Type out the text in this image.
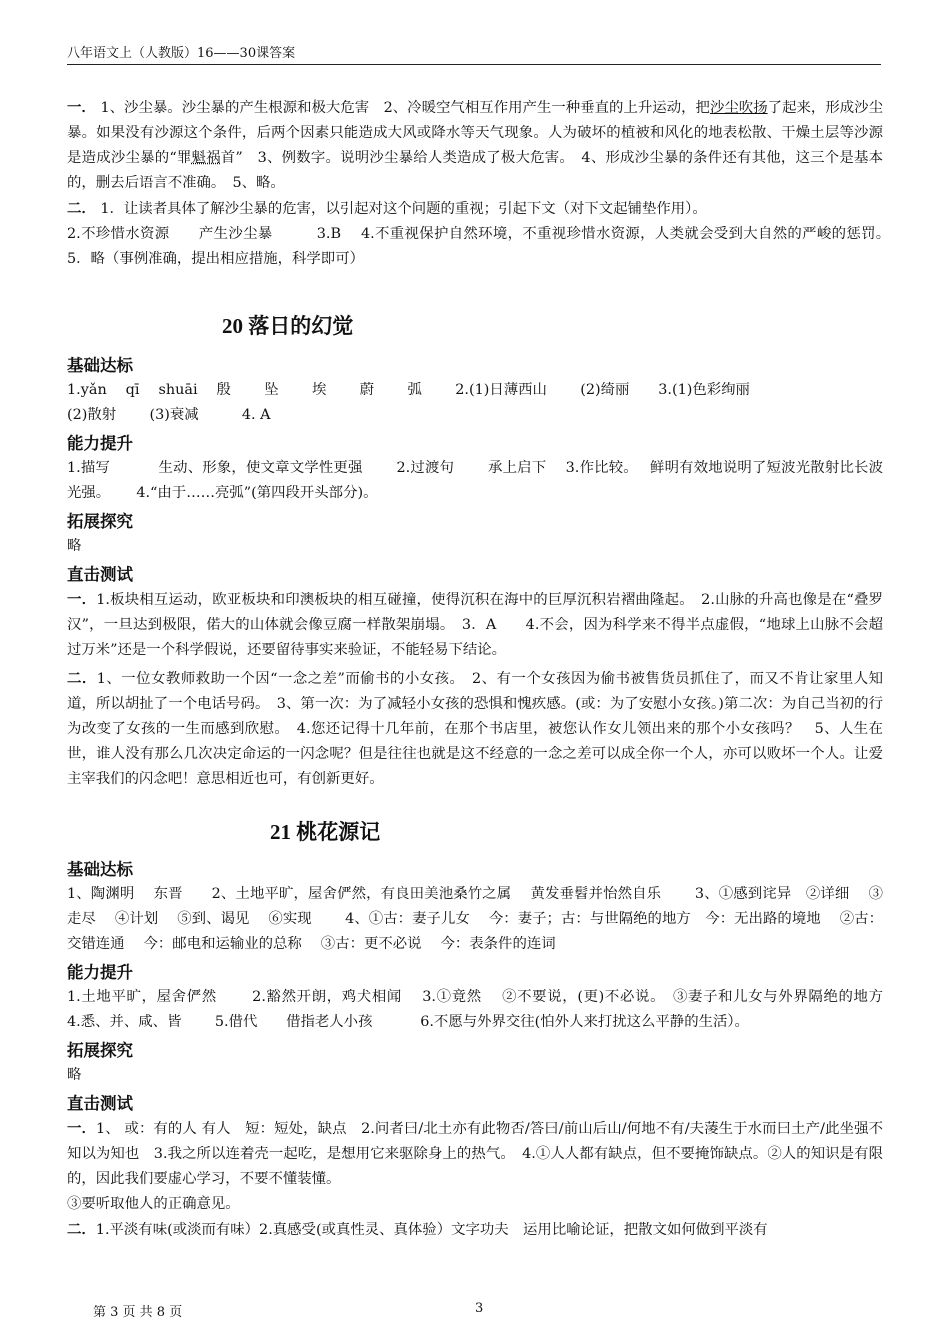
八年语文上（人教版）16——30课答案

一． 1、沙尘暴。沙尘暴的产生根源和极大危害　2、冷暖空气相互作用产生一种垂直的上升运动，把沙尘吹扬了起来，形成沙尘暴。如果没有沙源这个条件，后两个因素只能造成大风或降水等天气现象。人为破坏的植被和风化的地表松散、干燥土层等沙源是造成沙尘暴的“罪魁祸首”　3、例数字。说明沙尘暴给人类造成了极大危害。　4、形成沙尘暴的条件还有其他，这三个是基本的，删去后语言不准确。　5、略。

二． 1．让读者具体了解沙尘暴的危害，以引起对这个问题的重视；引起下文（对下文起铺垫作用）。

2.不珍惜水资源　　产生沙尘暴　　　3.B　 4.不重视保护自然环境，不重视珍惜水资源，人类就会受到大自然的严峻的惩罚。　　5．略（事例准确，提出相应措施，科学即可）

20 落日的幻觉
基础达标

1.yǎn　 qī　 shuāi　 殷　　 坠　　 埃　　 蔚　　 弧　　 2.(1)日薄西山　　 (2)绮丽　　3.(1)色彩绚丽

(2)散射　　 (3)衰减　　　4. A

能力提升

1.描写　　　 生动、形象，使文章文学性更强　　 2.过渡句　　 承上启下　 3.作比较。　 鲜明有效地说明了短波光散射比长波光强。　　 4.“由于……亮弧”(第四段开头部分)。

拓展探究

略

直击测试

一．1.板块相互运动，欧亚板块和印澳板块的相互碰撞，使得沉积在海中的巨厚沉积岩褶曲隆起。　2.山脉的升高也像是在“叠罗汉”，一旦达到极限，偌大的山体就会像豆腐一样散架崩塌。　3．A　　4.不会，因为科学来不得半点虚假，“地球上山脉不会超过万米”还是一个科学假说，还要留待事实来验证，不能轻易下结论。

二．1、一位女教师救助一个因“一念之差”而偷书的小女孩。　2、有一个女孩因为偷书被售货员抓住了，而又不肯让家里人知道，所以胡扯了一个电话号码。　3、第一次：为了减轻小女孩的恐惧和愧疚感。(或：为了安慰小女孩。)第二次：为自己当初的行为改变了女孩的一生而感到欣慰。　4.您还记得十几年前，在那个书店里，被您认作女儿领出来的那个小女孩吗？　5、人生在世，谁人没有那么几次决定命运的一闪念呢？但是往往也就是这不经意的一念之差可以成全你一个人，亦可以败坏一个人。让爱主宰我们的闪念吧！意思相近也可，有创新更好。

21 桃花源记
基础达标

1、陶渊明　 东晋　　2、土地平旷，屋舍俨然，有良田美池桑竹之属　 黄发垂髫并怡然自乐　　 3、①感到诧异　②详细　 ③走尽　 ④计划　 ⑤到、谒见　 ⑥实现　　 4、①古：妻子儿女　 今：妻子；古：与世隔绝的地方　今：无出路的境地　 ②古：交错连通　 今：邮电和运输业的总称　 ③古：更不必说　 今：表条件的连词

能力提升

1.土地平旷，屋舍俨然　　 2.豁然开朗，鸡犬相闻　 3.①竟然　 ②不要说，(更)不必说。　③妻子和儿女与外界隔绝的地方　　 4.悉、并、咸、皆　　 5.借代　　借指老人小孩　　　 6.不愿与外界交往(怕外人来打扰这么平静的生活）。

拓展探究

略

直击测试

一．1、 或：有的人 有人　短：短处，缺点　2.问者曰/北土亦有此物否/答曰/前山后山/何地不有/夫蓤生于水而曰土产/此坐强不知以为知也　3.我之所以连着壳一起吃，是想用它来驱除身上的热气。　4.①人人都有缺点，但不要掩饰缺点。②人的知识是有限的，因此我们要虚心学习，不要不懂装懂。

③要听取他人的正确意见。

二．1.平淡有味(或淡而有味）2.真感受(或真性灵、真体验）文字功夫　运用比喻论证，把散文如何做到平淡有

第 3 页 共 8 页	3
